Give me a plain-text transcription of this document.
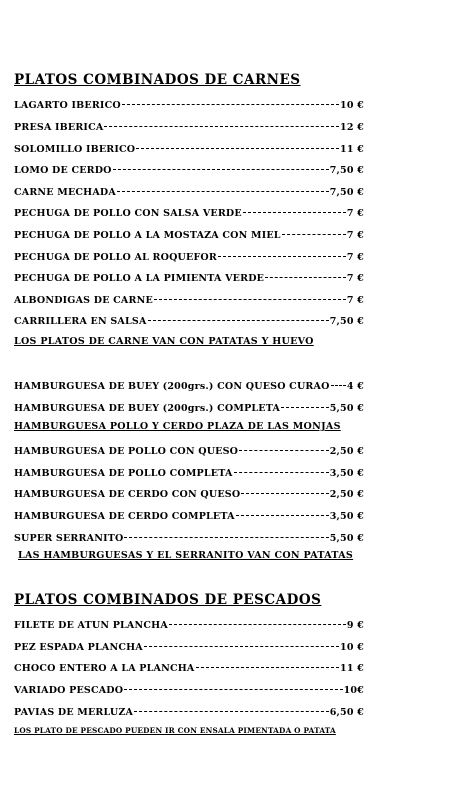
PLATOS COMBINADOS DE CARNES
LAGARTO IBERICO	10 €
PRESA IBERICA	12 €
SOLOMILLO IBERICO	11 €
LOMO DE CERDO	7,50 €
CARNE MECHADA	7,50 €
PECHUGA DE POLLO CON SALSA VERDE	7 €
PECHUGA DE POLLO A LA MOSTAZA CON MIEL	7 €
PECHUGA DE POLLO AL ROQUEFOR	7 €
PECHUGA DE POLLO A LA PIMIENTA VERDE	7 €
ALBONDIGAS DE CARNE	7 €
CARRILLERA EN SALSA	7,50 €
LOS PLATOS DE CARNE VAN CON PATATAS Y HUEVO
HAMBURGUESA DE BUEY (200grs.) CON QUESO CURAO 4 €
HAMBURGUESA DE BUEY (200grs.) COMPLETA	5,50 €
HAMBURGUESA POLLO Y CERDO PLAZA DE LAS MONJAS
HAMBURGUESA DE POLLO CON QUESO	2,50 €
HAMBURGUESA DE POLLO COMPLETA	3,50 €
HAMBURGUESA DE CERDO CON QUESO	2,50 €
HAMBURGUESA DE CERDO COMPLETA	3,50 €
SUPER SERRANITO	5,50 €
LAS HAMBURGUESAS Y EL SERRANITO VAN CON PATATAS
PLATOS COMBINADOS DE PESCADOS
FILETE DE ATUN PLANCHA	9 €
PEZ ESPADA PLANCHA	10 €
CHOCO ENTERO A LA PLANCHA	11 €
VARIADO PESCADO	10€
PAVIAS DE MERLUZA	6,50 €
LOS PLATO DE PESCADO PUEDEN IR CON ENSALA PIMENTADA O PATATA
